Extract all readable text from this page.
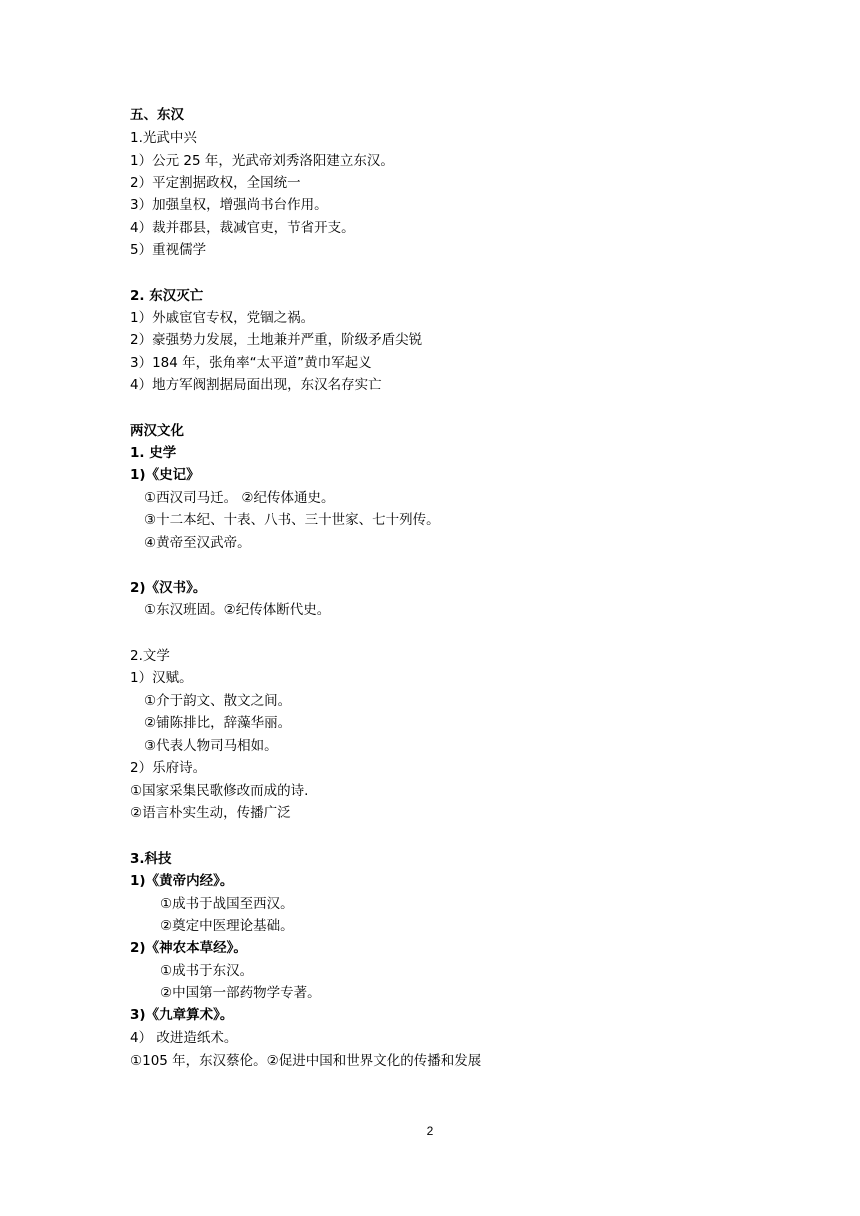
五、东汉
1.光武中兴
1）公元 25 年，光武帝刘秀洛阳建立东汉。
2）平定割据政权，全国统一
3）加强皇权，增强尚书台作用。
4）裁并郡县，裁减官吏，节省开支。
5）重视儒学
2. 东汉灭亡
1）外戚宦官专权，党锢之祸。
2）豪强势力发展，土地兼并严重，阶级矛盾尖锐
3）184 年，张角率“太平道”黄巾军起义
4）地方军阀割据局面出现，东汉名存实亡
两汉文化
1. 史学
1)《史记》
①西汉司马迁。 ②纪传体通史。
③十二本纪、十表、八书、三十世家、七十列传。
④黄帝至汉武帝。
2)《汉书》。
①东汉班固。②纪传体断代史。
2.文学
1）汉赋。
①介于韵文、散文之间。
②铺陈排比，辞藻华丽。
③代表人物司马相如。
2）乐府诗。
①国家采集民歌修改而成的诗.
②语言朴实生动，传播广泛
3.科技
1)《黄帝内经》。
①成书于战国至西汉。
②奠定中医理论基础。
2)《神农本草经》。
①成书于东汉。
②中国第一部药物学专著。
3)《九章算术》。
4） 改进造纸术。
①105 年，东汉蔡伦。②促进中国和世界文化的传播和发展
2
